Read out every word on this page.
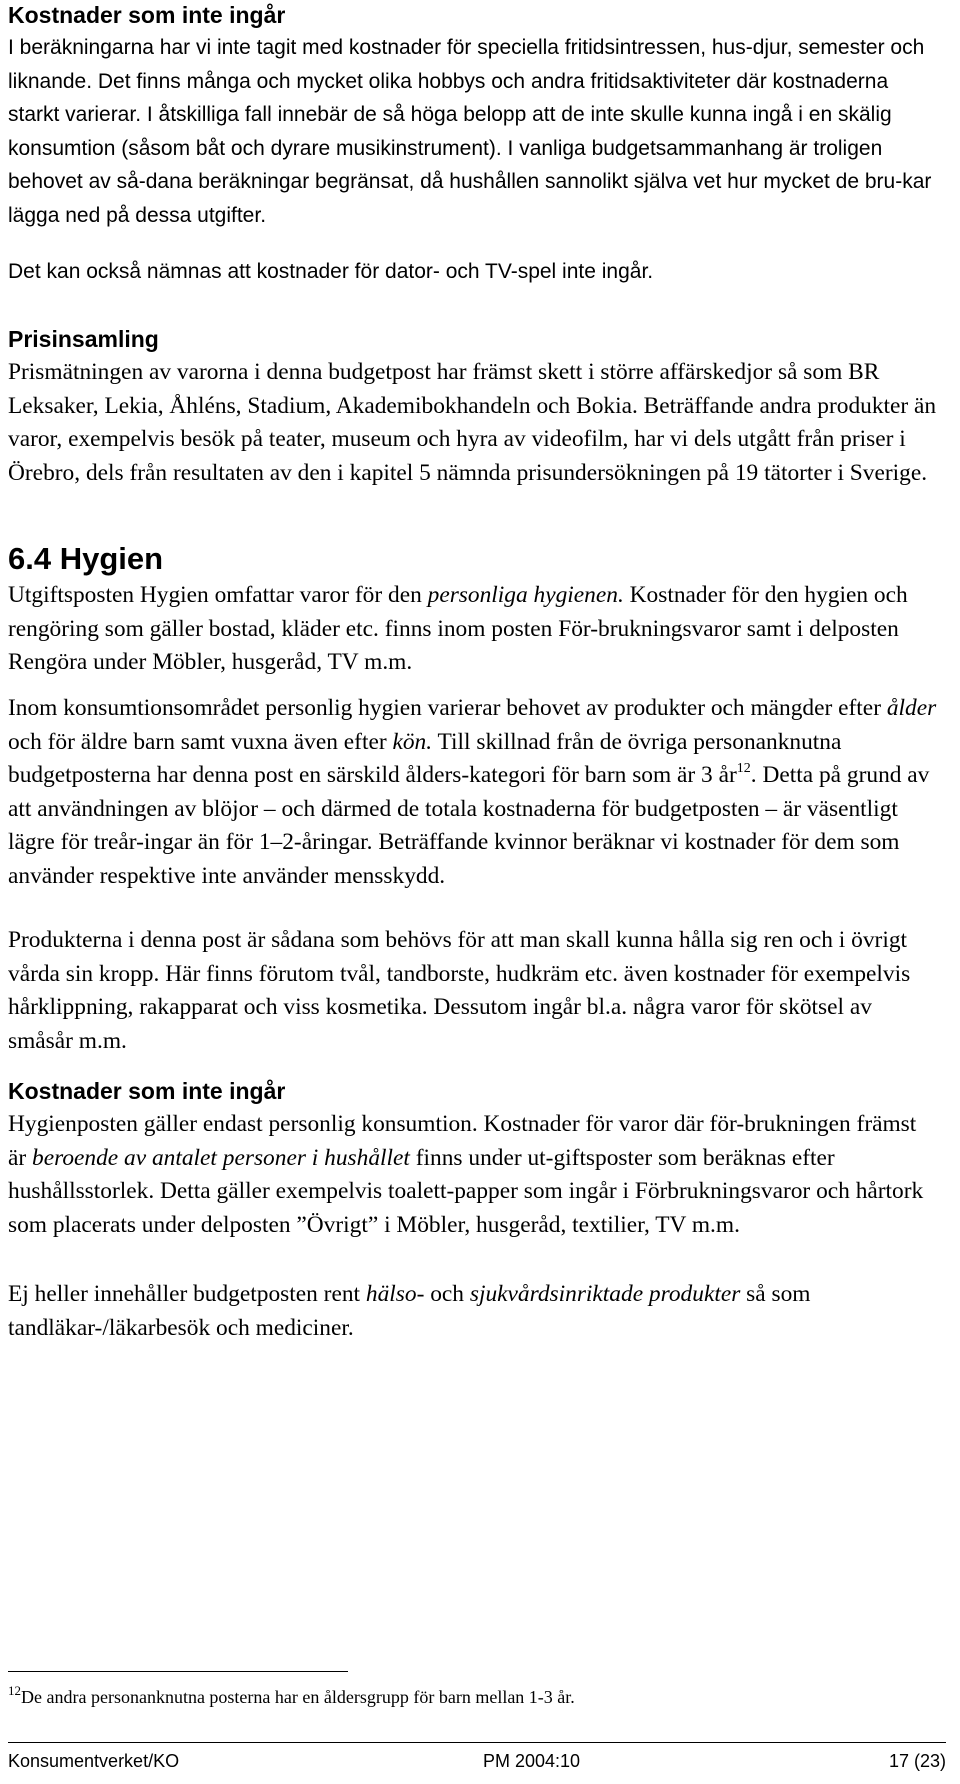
Kostnader som inte ingår

I beräkningarna har vi inte tagit med kostnader för speciella fritidsintressen, hus-djur, semester och liknande. Det finns många och mycket olika hobbys och andra fritidsaktiviteter där kostnaderna starkt varierar. I åtskilliga fall innebär de så höga belopp att de inte skulle kunna ingå i en skälig konsumtion (såsom båt och dyrare musikinstrument). I vanliga budgetsammanhang är troligen behovet av så-dana beräkningar begränsat, då hushållen sannolikt själva vet hur mycket de bru-kar lägga ned på dessa utgifter.

Det kan också nämnas att kostnader för dator- och TV-spel inte ingår.

Prisinsamling

Prismätningen av varorna i denna budgetpost har främst skett i större affärskedjor så som BR Leksaker, Lekia, Åhléns, Stadium, Akademibokhandeln och Bokia. Beträffande andra produkter än varor, exempelvis besök på teater, museum och hyra av videofilm, har vi dels utgått från priser i Örebro, dels från resultaten av den i kapitel 5 nämnda prisundersökningen på 19 tätorter i Sverige.

6.4 Hygien

Utgiftsposten Hygien omfattar varor för den personliga hygienen. Kostnader för den hygien och rengöring som gäller bostad, kläder etc. finns inom posten För-brukningsvaror samt i delposten Rengöra under Möbler, husgeråd, TV m.m.

Inom konsumtionsområdet personlig hygien varierar behovet av produkter och mängder efter ålder och för äldre barn samt vuxna även efter kön. Till skillnad från de övriga personanknutna budgetposterna har denna post en särskild ålders-kategori för barn som är 3 $år^{12}$. Detta på grund av att användningen av blöjor – och därmed de totala kostnaderna för budgetposten – är väsentligt lägre för treår-ingar än för 1–2-åringar. Beträffande kvinnor beräknar vi kostnader för dem som använder respektive inte använder mensskydd.

Produkterna i denna post är sådana som behövs för att man skall kunna hålla sig ren och i övrigt vårda sin kropp. Här finns förutom tvål, tandborste, hudkräm etc. även kostnader för exempelvis hårklippning, rakapparat och viss kosmetika. Dessutom ingår bl.a. några varor för skötsel av småsår m.m.

Kostnader som inte ingår

Hygienposten gäller endast personlig konsumtion. Kostnader för varor där för-brukningen främst är beroende av antalet personer i hushållet finns under ut-giftsposter som beräknas efter hushållsstorlek. Detta gäller exempelvis toalett-papper som ingår i Förbrukningsvaror och hårtork som placerats under delposten ”Övrigt” i Möbler, husgeråd, textilier, TV m.m.

Ej heller innehåller budgetposten rent hälso- och sjukvårdsinriktade produkter så som tandläkar-/läkarbesök och mediciner.

$^{12}$De andra personanknutna posterna har en åldersgrupp för barn mellan 1-3 år.
Konsumentverket/KO	PM 2004:10	17 (23)
